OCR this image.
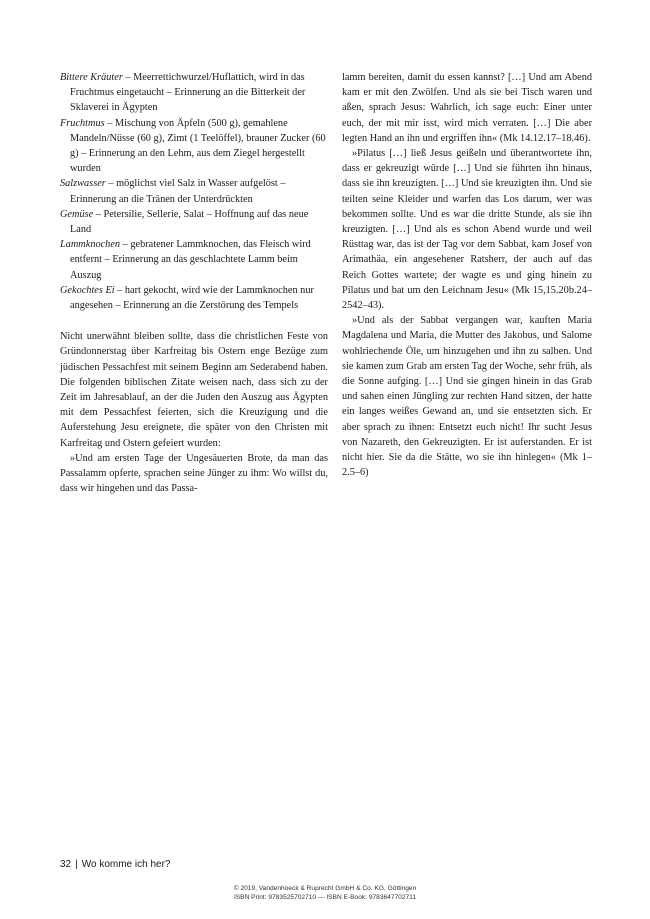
Bittere Kräuter – Meerrettichwurzel/Huflattich, wird in das Fruchtmus eingetaucht – Erinnerung an die Bitterkeit der Sklaverei in Ägypten

Fruchtmus – Mischung von Äpfeln (500 g), gemahlene Mandeln/Nüsse (60 g), Zimt (1 Teelöffel), brauner Zucker (60 g) – Erinnerung an den Lehm, aus dem Ziegel hergestellt wurden

Salzwasser – möglichst viel Salz in Wasser aufgelöst – Erinnerung an die Tränen der Unterdrückten

Gemüse – Petersilie, Sellerie, Salat – Hoffnung auf das neue Land

Lammknochen – gebratener Lammknochen, das Fleisch wird entfernt – Erinnerung an das geschlachtete Lamm beim Auszug

Gekochtes Ei – hart gekocht, wird wie der Lammknochen nur angesehen – Erinnerung an die Zerstörung des Tempels

Nicht unerwähnt bleiben sollte, dass die christlichen Feste von Gründonnerstag über Karfreitag bis Ostern enge Bezüge zum jüdischen Pessachfest mit seinem Beginn am Sederabend haben. Die folgenden biblischen Zitate weisen nach, dass sich zu der Zeit im Jahresablauf, an der die Juden den Auszug aus Ägypten mit dem Pessachfest feierten, sich die Kreuzigung und die Auferstehung Jesu ereignete, die später von den Christen mit Karfreitag und Ostern gefeiert wurden:

»Und am ersten Tage der Ungesäuerten Brote, da man das Passalamm opferte, sprachen seine Jünger zu ihm: Wo willst du, dass wir hingehen und das Passa-

lamm bereiten, damit du essen kannst? […] Und am Abend kam er mit den Zwölfen. Und als sie bei Tisch waren und aßen, sprach Jesus: Wahrlich, ich sage euch: Einer unter euch, der mit mir isst, wird mich verraten. […] Die aber legten Hand an ihn und ergriffen ihn« (Mk 14.12.17–18.46).

»Pilatus […] ließ Jesus geißeln und überantwortete ihn, dass er gekreuzigt würde […] Und sie führten ihn hinaus, dass sie ihn kreuzigten. […] Und sie kreuzigten ihn. Und sie teilten seine Kleider und warfen das Los darum, wer was bekommen sollte. Und es war die dritte Stunde, als sie ihn kreuzigten. […] Und als es schon Abend wurde und weil Rüsttag war, das ist der Tag vor dem Sabbat, kam Josef von Arimathäa, ein angesehener Ratsherr, der auch auf das Reich Gottes wartete; der wagte es und ging hinein zu Pilatus und bat um den Leichnam Jesu« (Mk 15,15.20b.24–2542–43).

»Und als der Sabbat vergangen war, kauften Maria Magdalena und Maria, die Mutter des Jakobus, und Salome wohlriechende Öle, um hinzugehen und ihn zu salben. Und sie kamen zum Grab am ersten Tag der Woche, sehr früh, als die Sonne aufging. […] Und sie gingen hinein in das Grab und sahen einen Jüngling zur rechten Hand sitzen, der hatte ein langes weißes Gewand an, und sie entsetzten sich. Er aber sprach zu ihnen: Entsetzt euch nicht! Ihr sucht Jesus von Nazareth, den Gekreuzigten. Er ist auferstanden. Er ist nicht hier. Sie da die Stätte, wo sie ihn hinlegen« (Mk 1–2.5–6)

32 | Wo komme ich her?
© 2019, Vandenhoeck & Ruprecht GmbH & Co. KG, Göttingen
ISBN Print: 9783525702710 — ISBN E-Book: 9783647702711
